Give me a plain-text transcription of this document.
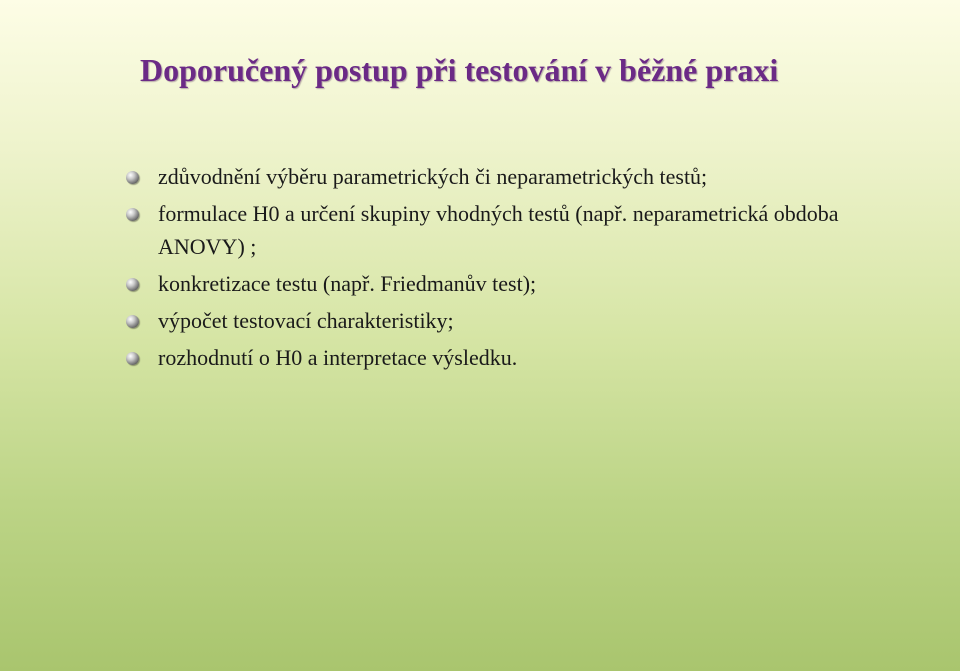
Doporučený postup při testování v běžné praxi
zdůvodnění výběru parametrických či neparametrických testů;
formulace H0 a určení skupiny vhodných testů (např. neparametrická obdoba ANOVY) ;
konkretizace testu (např. Friedmanův test);
výpočet testovací charakteristiky;
rozhodnutí o H0 a interpretace výsledku.
